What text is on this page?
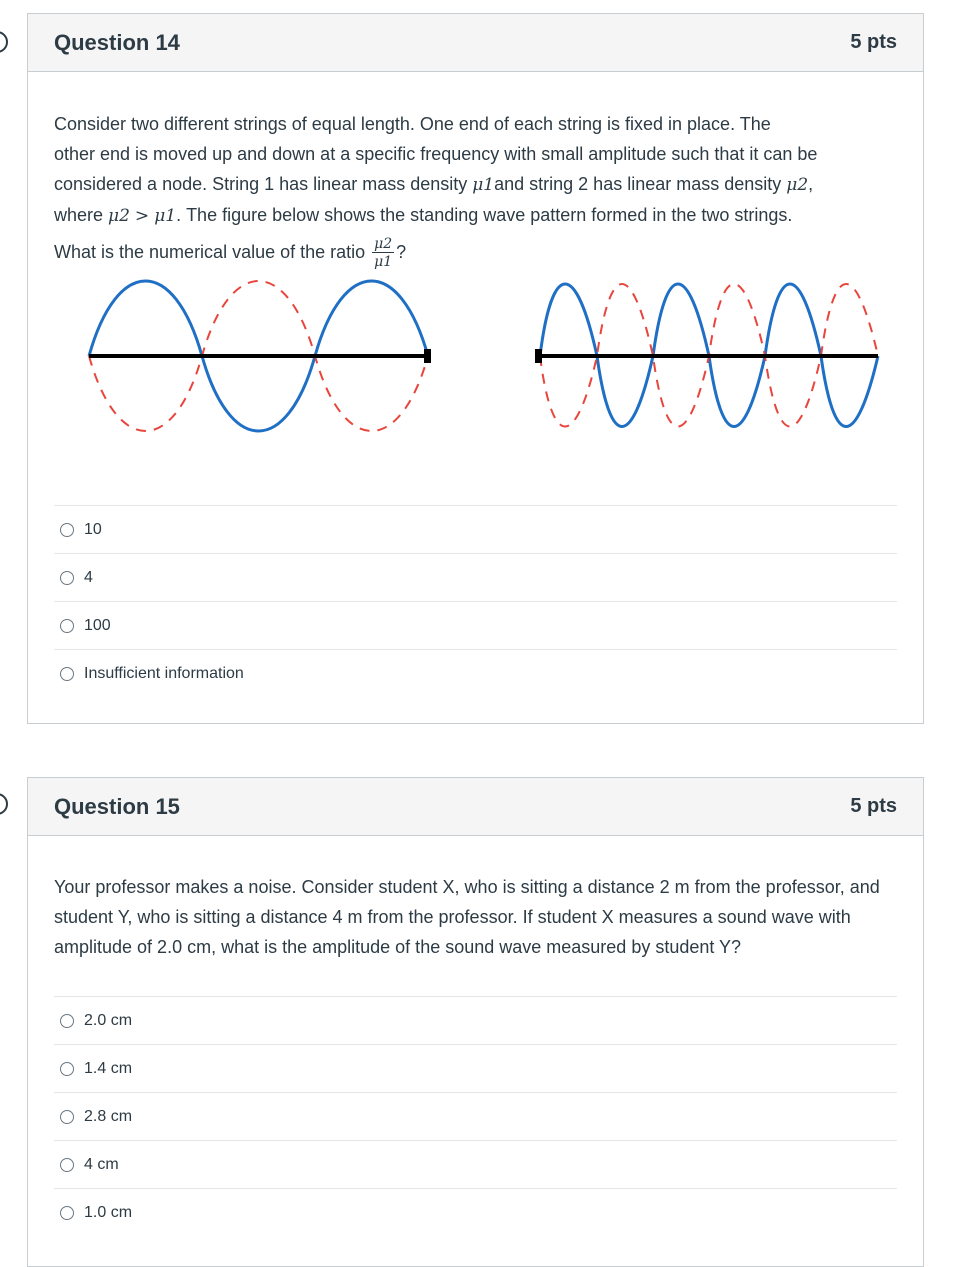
Question 14	5 pts

Consider two different strings of equal length. One end of each string is fixed in place. The

other end is moved up and down at a specific frequency with small amplitude such that it can be

considered a node. String 1 has linear mass density μ1and string 2 has linear mass density μ2,

where μ2 > μ1. The figure below shows the standing wave pattern formed in the two strings.

What is the numerical value of the ratio $\frac{\mu 2}{\mu 1}$ ?

10
4
100
Insufficient information
Question 15	5 pts

Your professor makes a noise. Consider student X, who is sitting a distance 2 m from the professor, and student Y, who is sitting a distance 4 m from the professor. If student X measures a sound wave with amplitude of 2.0 cm, what is the amplitude of the sound wave measured by student Y?

2.0 cm
1.4 cm
2.8 cm
4 cm
1.0 cm
